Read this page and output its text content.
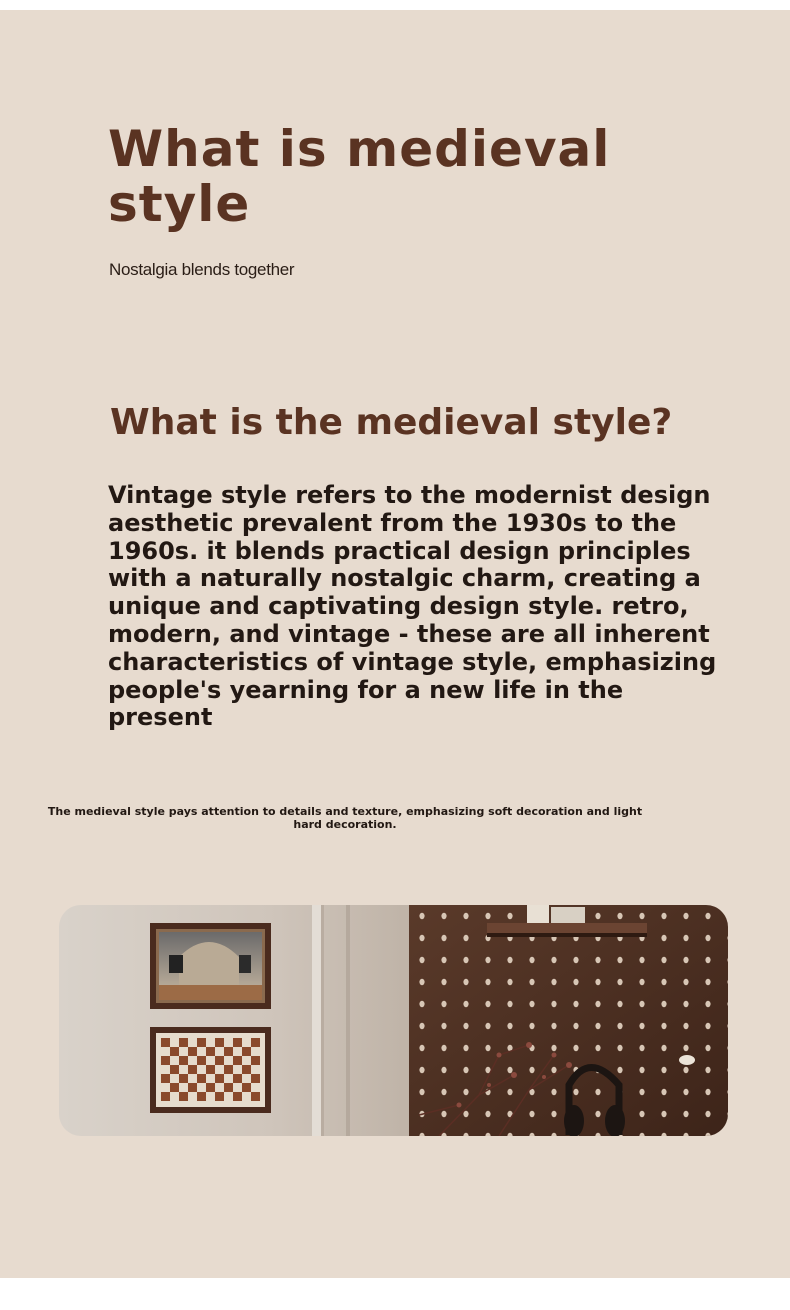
What is medieval style

Nostalgia blends together

What is the medieval style?

Vintage style refers to the modernist design aesthetic prevalent from the 1930s to the 1960s. it blends practical design principles with a naturally nostalgic charm, creating a unique and captivating design style. retro, modern, and vintage - these are all inherent characteristics of vintage style, emphasizing people's yearning for a new life in the present

The medieval style pays attention to details and texture, emphasizing soft decoration and light hard decoration.
